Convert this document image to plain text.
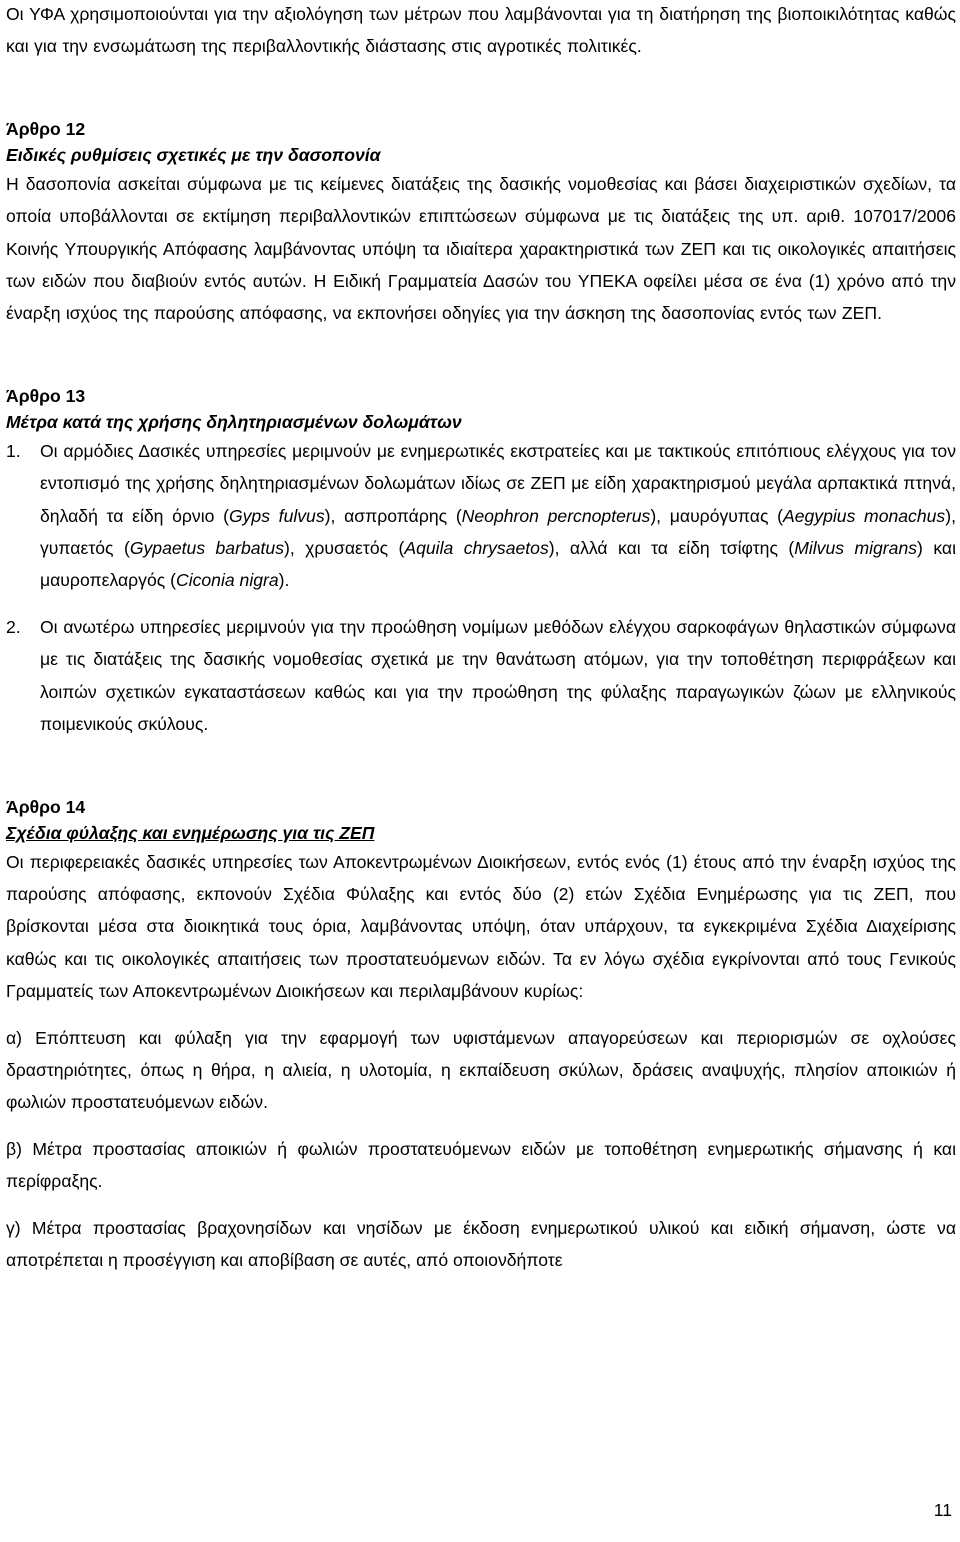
Οι ΥΦΑ χρησιμοποιούνται για την αξιολόγηση των μέτρων που λαμβάνονται για τη διατήρηση της βιοποικιλότητας καθώς και για την ενσωμάτωση της περιβαλλοντικής διάστασης στις αγροτικές πολιτικές.

Άρθρο 12

Ειδικές ρυθμίσεις σχετικές με την δασοπονία

Η δασοπονία ασκείται σύμφωνα με τις κείμενες διατάξεις της δασικής νομοθεσίας και βάσει διαχειριστικών σχεδίων, τα οποία υποβάλλονται σε εκτίμηση περιβαλλοντικών επιπτώσεων σύμφωνα με τις διατάξεις της υπ. αριθ. 107017/2006 Κοινής Υπουργικής Απόφασης λαμβάνοντας υπόψη τα ιδιαίτερα χαρακτηριστικά των ΖΕΠ και τις οικολογικές απαιτήσεις των ειδών που διαβιούν εντός αυτών. Η Ειδική Γραμματεία Δασών του ΥΠΕΚΑ οφείλει μέσα σε ένα (1) χρόνο από την έναρξη ισχύος της παρούσης απόφασης, να εκπονήσει οδηγίες για την άσκηση της δασοπονίας εντός των ΖΕΠ.

Άρθρο 13

Μέτρα κατά της χρήσης δηλητηριασμένων δολωμάτων

1. Οι αρμόδιες Δασικές υπηρεσίες μεριμνούν με ενημερωτικές εκστρατείες και με τακτικούς επιτόπιους ελέγχους για τον εντοπισμό της χρήσης δηλητηριασμένων δολωμάτων ιδίως σε ΖΕΠ με είδη χαρακτηρισμού μεγάλα αρπακτικά πτηνά, δηλαδή τα είδη όρνιο (Gyps fulvus), ασπροπάρης (Neophron percnopterus), μαυρόγυπας (Aegypius monachus), γυπαετός (Gypaetus barbatus), χρυσαετός (Aquila chrysaetos), αλλά και τα είδη τσίφτης (Milvus migrans) και μαυροπελαργός (Ciconia nigra).
2. Οι ανωτέρω υπηρεσίες μεριμνούν για την προώθηση νομίμων μεθόδων ελέγχου σαρκοφάγων θηλαστικών σύμφωνα με τις διατάξεις της δασικής νομοθεσίας σχετικά με την θανάτωση ατόμων, για την τοποθέτηση περιφράξεων και λοιπών σχετικών εγκαταστάσεων καθώς και για την προώθηση της φύλαξης παραγωγικών ζώων με ελληνικούς ποιμενικούς σκύλους.

Άρθρο 14

Σχέδια φύλαξης και ενημέρωσης για τις ΖΕΠ

Οι περιφερειακές δασικές υπηρεσίες των Αποκεντρωμένων Διοικήσεων, εντός ενός (1) έτους από την έναρξη ισχύος της παρούσης απόφασης, εκπονούν Σχέδια Φύλαξης και εντός δύο (2) ετών Σχέδια Ενημέρωσης για τις ΖΕΠ, που βρίσκονται μέσα στα διοικητικά τους όρια, λαμβάνοντας υπόψη, όταν υπάρχουν, τα εγκεκριμένα Σχέδια Διαχείρισης καθώς και τις οικολογικές απαιτήσεις των προστατευόμενων ειδών. Τα εν λόγω σχέδια εγκρίνονται από τους Γενικούς Γραμματείς των Αποκεντρωμένων Διοικήσεων και περιλαμβάνουν κυρίως:

α) Επόπτευση και φύλαξη για την εφαρμογή των υφιστάμενων απαγορεύσεων και περιορισμών σε οχλούσες δραστηριότητες, όπως η θήρα, η αλιεία, η υλοτομία, η εκπαίδευση σκύλων, δράσεις αναψυχής, πλησίον αποικιών ή φωλιών προστατευόμενων ειδών.

β) Μέτρα προστασίας αποικιών ή φωλιών προστατευόμενων ειδών με τοποθέτηση ενημερωτικής σήμανσης ή και περίφραξης.

γ) Μέτρα προστασίας βραχονησίδων και νησίδων με έκδοση ενημερωτικού υλικού και ειδική σήμανση, ώστε να αποτρέπεται η προσέγγιση και αποβίβαση σε αυτές, από οποιονδήποτε

11
